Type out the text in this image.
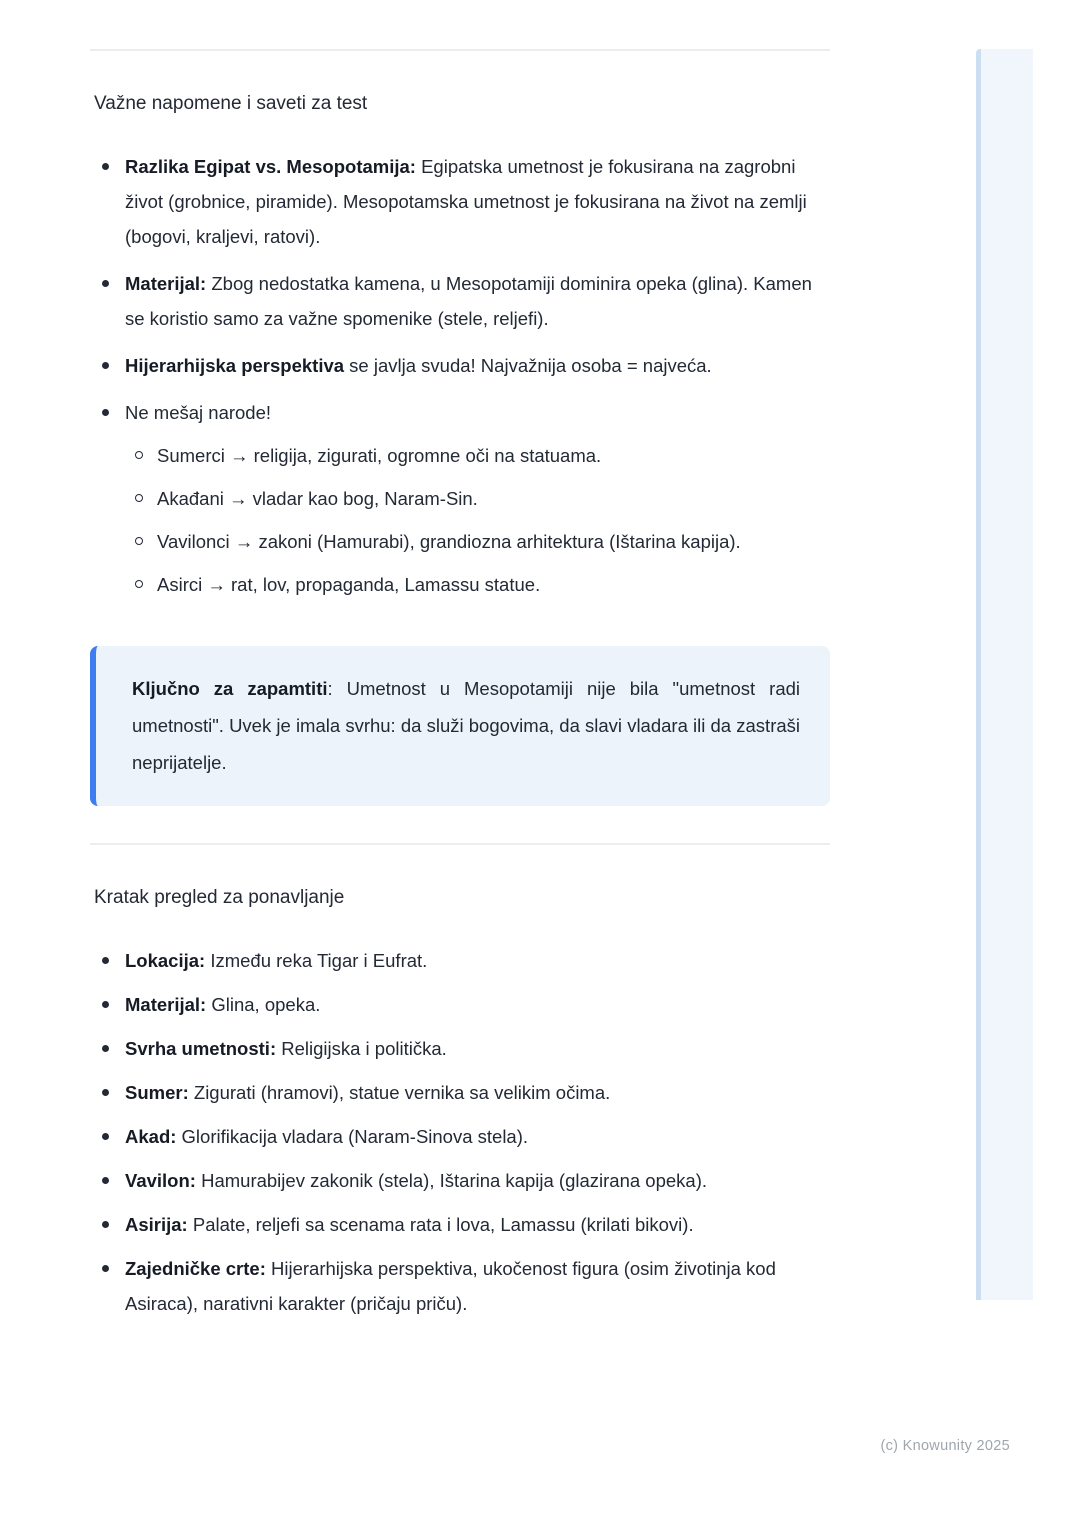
Važne napomene i saveti za test

Razlika Egipat vs. Mesopotamija: Egipatska umetnost je fokusirana na zagrobni život (grobnice, piramide). Mesopotamska umetnost je fokusirana na život na zemlji (bogovi, kraljevi, ratovi).

Materijal: Zbog nedostatka kamena, u Mesopotamiji dominira opeka (glina). Kamen se koristio samo za važne spomenike (stele, reljefi).

Hijerarhijska perspektiva se javlja svuda! Najvažnija osoba = najveća.

Ne mešaj narode!

Sumerci → religija, zigurati, ogromne oči na statuama.

Akađani → vladar kao bog, Naram-Sin.

Vavilonci → zakoni (Hamurabi), grandiozna arhitektura (Ištarina kapija).

Asirci → rat, lov, propaganda, Lamassu statue.

Ključno za zapamtiti: Umetnost u Mesopotamiji nije bila "umetnost radi umetnosti". Uvek je imala svrhu: da služi bogovima, da slavi vladara ili da zastraši neprijatelje.

Kratak pregled za ponavljanje

Lokacija: Između reka Tigar i Eufrat.

Materijal: Glina, opeka.

Svrha umetnosti: Religijska i politička.

Sumer: Zigurati (hramovi), statue vernika sa velikim očima.

Akad: Glorifikacija vladara (Naram-Sinova stela).

Vavilon: Hamurabijev zakonik (stela), Ištarina kapija (glazirana opeka).

Asirija: Palate, reljefi sa scenama rata i lova, Lamassu (krilati bikovi).

Zajedničke crte: Hijerarhijska perspektiva, ukočenost figura (osim životinja kod Asiraca), narativni karakter (pričaju priču).

(c) Knowunity 2025
